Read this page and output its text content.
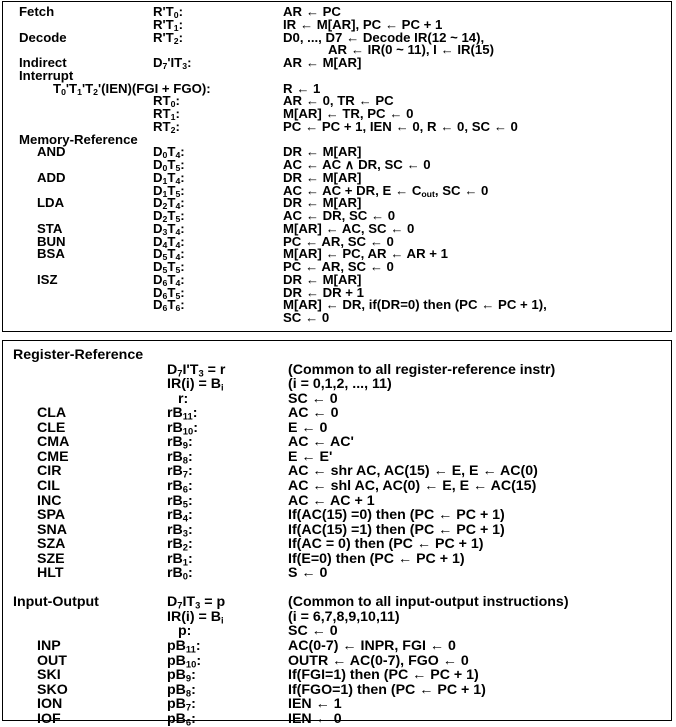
Fetch	$R'T_0$:	AR ← PC
$R'T_1$:	IR ← M[AR], PC ← PC + 1
Decode	$R'T_2$:	D0, ..., D7 ← Decode IR(12 ~ 14),
AR ← IR(0 ~ 11), I ← IR(15)
Indirect	$D_7'IT_3$:	AR ← M[AR]
Interrupt
$T_0'T_1'T_2'(IEN)(FGI + FGO)$:	R ← 1
$RT_0$:	AR ← 0, TR ← PC
$RT_1$:	M[AR] ← TR, PC ← 0
$RT_2$:	PC ← PC + 1, IEN ← 0, R ← 0, SC ← 0
Memory-Reference
AND	$D_0T_4$:	DR ← M[AR]
$D_0T_5$:	AC ← AC ∧ DR, SC ← 0
ADD	$D_1T_4$:	DR ← M[AR]
$D_1T_5$:	AC ← AC + DR, E ← $C_{out}$, SC ← 0
LDA	$D_2T_4$:	DR ← M[AR]
$D_2T_5$:	AC ← DR, SC ← 0
STA	$D_3T_4$:	M[AR] ← AC, SC ← 0
BUN	$D_4T_4$:	PC ← AR, SC ← 0
BSA	$D_5T_4$:	M[AR] ← PC, AR ← AR + 1
$D_5T_5$:	PC ← AR, SC ← 0
ISZ	$D_6T_4$:	DR ← M[AR]
$D_6T_5$:	DR ← DR + 1
$D_6T_6$:	M[AR] ← DR, if(DR=0) then (PC ← PC + 1),
SC ← 0
Register-Reference
$D_7I'T_3 = r$	(Common to all register-reference instr)
$IR(i) = B_i$	(i = 0,1,2, ..., 11)
r:	SC ← 0
CLA	$rB_{11}$:	AC ← 0
CLE	$rB_{10}$:	E ← 0
CMA	$rB_9$:	AC ← AC'
CME	$rB_8$:	E ← E'
CIR	$rB_7$:	AC ← shr AC, AC(15) ← E, E ← AC(0)
CIL	$rB_6$:	AC ← shl AC, AC(0) ← E, E ← AC(15)
INC	$rB_5$:	AC ← AC + 1
SPA	$rB_4$:	If(AC(15) =0) then (PC ← PC + 1)
SNA	$rB_3$:	If(AC(15) =1) then (PC ← PC + 1)
SZA	$rB_2$:	If(AC = 0) then (PC ← PC + 1)
SZE	$rB_1$:	If(E=0) then (PC ← PC + 1)
HLT	$rB_0$:	S ← 0
Input-Output	$D_7IT_3 = p$	(Common to all input-output instructions)
$IR(i) = B_i$	(i = 6,7,8,9,10,11)
p:	SC ← 0
INP	$pB_{11}$:	AC(0-7) ← INPR, FGI ← 0
OUT	$pB_{10}$:	OUTR ← AC(0-7), FGO ← 0
SKI	$pB_9$:	If(FGI=1) then (PC ← PC + 1)
SKO	$pB_8$:	If(FGO=1) then (PC ← PC + 1)
ION	$pB_7$:	IEN ← 1
IOF	$pB_6$:	IEN ← 0
